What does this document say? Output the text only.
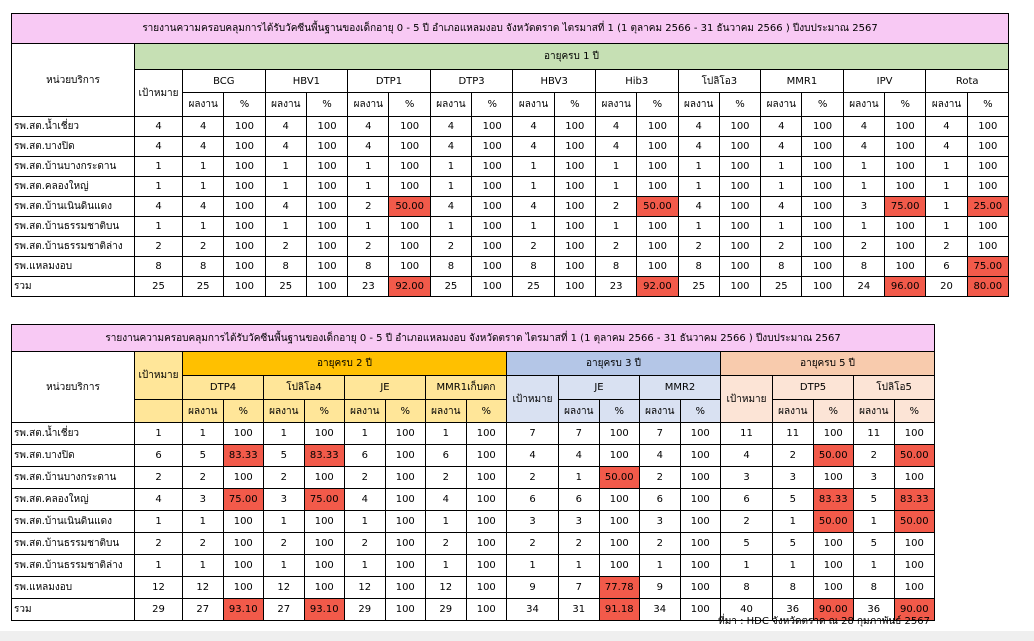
รายงานความครอบคลุมการได้รับวัคซีนพื้นฐานของเด็กอายุ 0 - 5 ปี อำเภอแหลมงอบ จังหวัดตราด ไตรมาสที่ 1 (1 ตุลาคม 2566 - 31 ธันวาคม 2566 ) ปีงบประมาณ 2567																					
หน่วยบริการ	อายุครบ 1 ปี																				
	เป้าหมาย	BCG		HBV1		DTP1		DTP3		HBV3		Hib3		โปลิโอ3		MMR1		IPV		Rota	
		ผลงาน	%	ผลงาน	%	ผลงาน	%	ผลงาน	%	ผลงาน	%	ผลงาน	%	ผลงาน	%	ผลงาน	%	ผลงาน	%	ผลงาน	%

รพ.สต.น้ำเชี่ยว	4	4	100	4	100	4	100	4	100	4	100	4	100	4	100	4	100	4	100	4	100
รพ.สต.บางปิด	4	4	100	4	100	4	100	4	100	4	100	4	100	4	100	4	100	4	100	4	100
รพ.สต.บ้านบางกระดาน	1	1	100	1	100	1	100	1	100	1	100	1	100	1	100	1	100	1	100	1	100
รพ.สต.คลองใหญ่	1	1	100	1	100	1	100	1	100	1	100	1	100	1	100	1	100	1	100	1	100
รพ.สต.บ้านเนินดินแดง	4	4	100	4	100	2	50.00	4	100	4	100	2	50.00	4	100	4	100	3	75.00	1	25.00
รพ.สต.บ้านธรรมชาติบน	1	1	100	1	100	1	100	1	100	1	100	1	100	1	100	1	100	1	100	1	100
รพ.สต.บ้านธรรมชาติล่าง	2	2	100	2	100	2	100	2	100	2	100	2	100	2	100	2	100	2	100	2	100
รพ.แหลมงอบ	8	8	100	8	100	8	100	8	100	8	100	8	100	8	100	8	100	8	100	6	75.00
รวม	25	25	100	25	100	23	92.00	25	100	25	100	23	92.00	25	100	25	100	24	96.00	20	80.00
รายงานความครอบคลุมการได้รับวัคซีนพื้นฐานของเด็กอายุ 0 - 5 ปี อำเภอแหลมงอบ จังหวัดตราด ไตรมาสที่ 1 (1 ตุลาคม 2566 - 31 ธันวาคม 2566 ) ปีงบประมาณ 2567																			
หน่วยบริการ	เป้าหมาย	อายุครบ 2 ปี								อายุครบ 3 ปี					อายุครบ 5 ปี				
		DTP4		โปลิโอ4		JE		MMR1เก็บตก		เป้าหมาย	JE		MMR2		เป้าหมาย	DTP5		โปลิโอ5	
		ผลงาน	%	ผลงาน	%	ผลงาน	%	ผลงาน	%		ผลงาน	%	ผลงาน	%		ผลงาน	%	ผลงาน	%
รพ.สต.น้ำเชี่ยว	1	1	100	1	100	1	100	1	100	7	7	100	7	100	11	11	100	11	100
รพ.สต.บางปิด	6	5	83.33	5	83.33	6	100	6	100	4	4	100	4	100	4	2	50.00	2	50.00
รพ.สต.บ้านบางกระดาน	2	2	100	2	100	2	100	2	100	2	1	50.00	2	100	3	3	100	3	100
รพ.สต.คลองใหญ่	4	3	75.00	3	75.00	4	100	4	100	6	6	100	6	100	6	5	83.33	5	83.33
รพ.สต.บ้านเนินดินแดง	1	1	100	1	100	1	100	1	100	3	3	100	3	100	2	1	50.00	1	50.00
รพ.สต.บ้านธรรมชาติบน	2	2	100	2	100	2	100	2	100	2	2	100	2	100	5	5	100	5	100
รพ.สต.บ้านธรรมชาติล่าง	1	1	100	1	100	1	100	1	100	1	1	100	1	100	1	1	100	1	100
รพ.แหลมงอบ	12	12	100	12	100	12	100	12	100	9	7	77.78	9	100	8	8	100	8	100
รวม	29	27	93.10	27	93.10	29	100	29	100	34	31	91.18	34	100	40	36	90.00	36	90.00
ที่มา : HDC จังหวัดตราด ณ 28 กุมภาพันธ์ 2567
